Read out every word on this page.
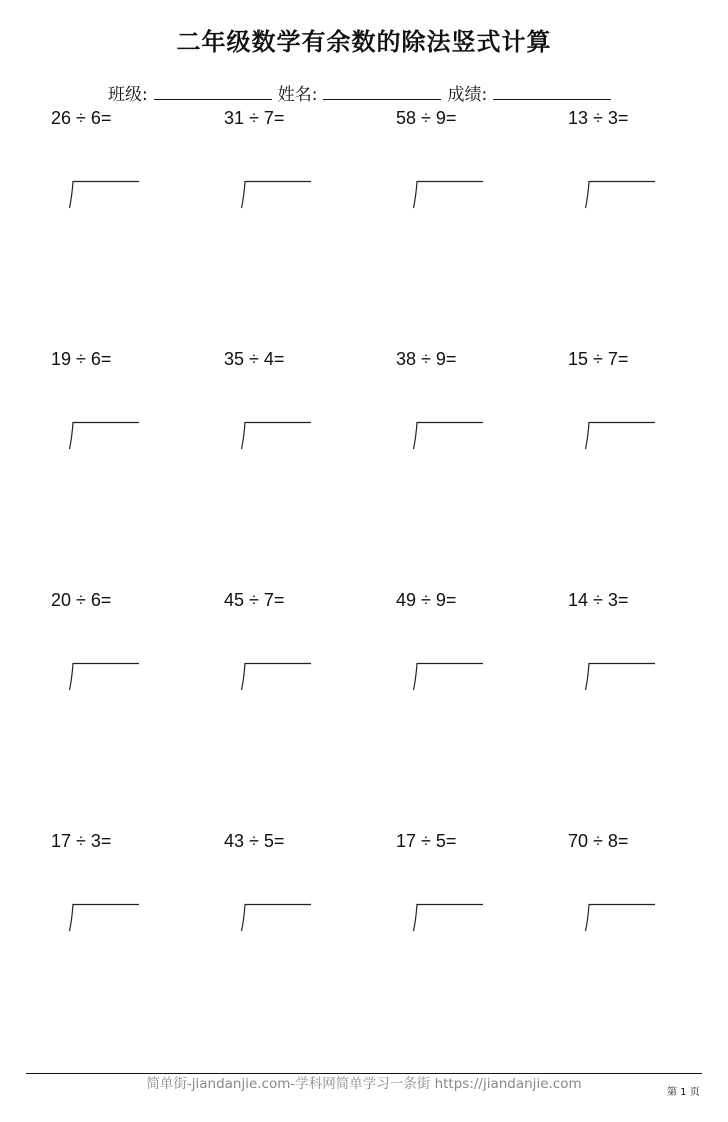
二年级数学有余数的除法竖式计算
班级:	姓名:	成绩:
26 ÷ 6=	31 ÷ 7=	58 ÷ 9=	13 ÷ 3=
19 ÷ 6=	35 ÷ 4=	38 ÷ 9=	15 ÷ 7=
20 ÷ 6=	45 ÷ 7=	49 ÷ 9=	14 ÷ 3=
17 ÷ 3=	43 ÷ 5=	17 ÷ 5=	70 ÷ 8=
简单街-jiandanjie.com-学科网简单学习一条街 https://jiandanjie.com
第 1 页
